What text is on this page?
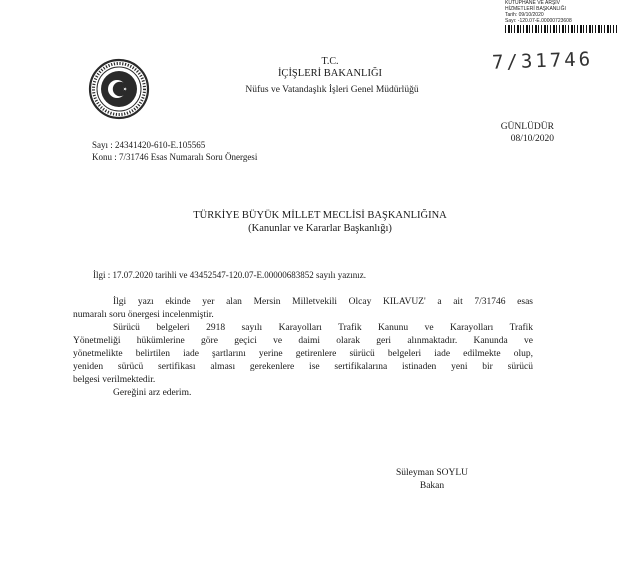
KÜTÜPHANE VE ARŞİV
HİZMETLERİ BAŞKANLIĞI
Tarih: 09/10/2020
Sayı: -120.07-E.00000723608
7/31746
T.C.
İÇİŞLERİ BAKANLIĞI
Nüfus ve Vatandaşlık İşleri Genel Müdürlüğü
GÜNLÜDÜR
08/10/2020
Sayı : 24341420-610-E.105565
Konu : 7/31746 Esas Numaralı Soru Önergesi
TÜRKİYE BÜYÜK MİLLET MECLİSİ BAŞKANLIĞINA
(Kanunlar ve Kararlar Başkanlığı)
İlgi : 17.07.2020 tarihli ve 43452547-120.07-E.00000683852 sayılı yazınız.

İlgi yazı ekinde yer alan Mersin Milletvekili Olcay KILAVUZ' a ait 7/31746 esas
numaralı soru önergesi incelenmiştir.

Sürücü belgeleri 2918 sayılı Karayolları Trafik Kanunu ve Karayolları Trafik
Yönetmeliği hükümlerine göre geçici ve daimi olarak geri alınmaktadır. Kanunda ve
yönetmelikte belirtilen iade şartlarını yerine getirenlere sürücü belgeleri iade edilmekte olup,
yeniden sürücü sertifikası alması gerekenlere ise sertifikalarına istinaden yeni bir sürücü
belgesi verilmektedir.

Gereğini arz ederim.

Süleyman SOYLU
Bakan
